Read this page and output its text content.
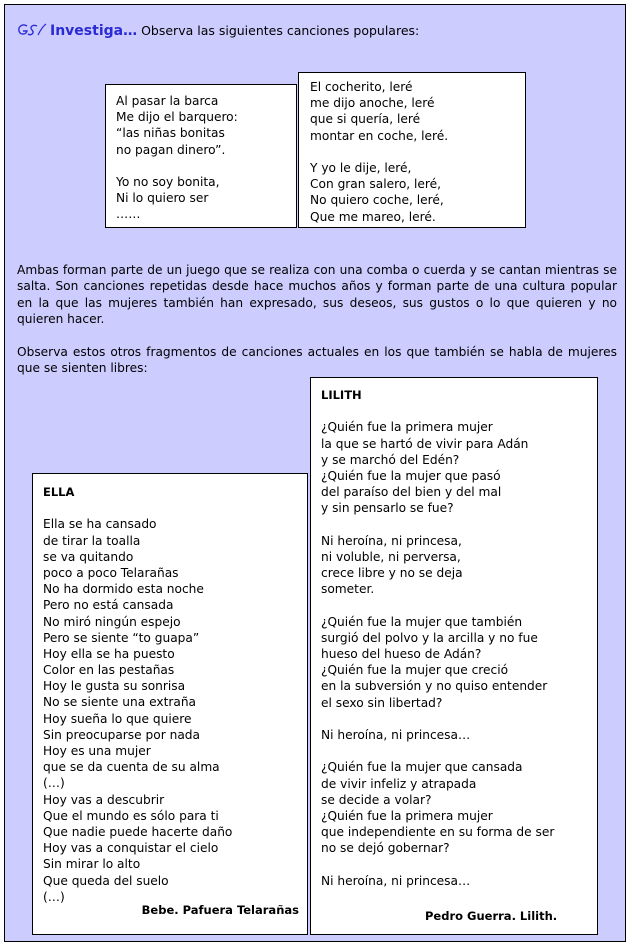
Investiga… Observa las siguientes canciones populares:
Al pasar la barca
Me dijo el barquero:
“las niñas bonitas
no pagan dinero”.
Yo no soy bonita,
Ni lo quiero ser
……
El cocherito, leré
me dijo anoche, leré
que si quería, leré
montar en coche, leré.
Y yo le dije, leré,
Con gran salero, leré,
No quiero coche, leré,
Que me mareo, leré.
Ambas forman parte de un juego que se realiza con una comba o cuerda y se cantan mientras se salta. Son canciones repetidas desde hace muchos años y forman parte de una cultura popular en la que las mujeres también han expresado, sus deseos, sus gustos o lo que quieren y no quieren hacer.
Observa estos otros fragmentos de canciones actuales en los que también se habla de mujeres que se sienten libres:
ELLA
Ella se ha cansado
de tirar la toalla
se va quitando
poco a poco Telarañas
No ha dormido esta noche
Pero no está cansada
No miró ningún espejo
Pero se siente “to guapa”
Hoy ella se ha puesto
Color en las pestañas
Hoy le gusta su sonrisa
No se siente una extraña
Hoy sueña lo que quiere
Sin preocuparse por nada
Hoy es una mujer
que se da cuenta de su alma
(…)
Hoy vas a descubrir
Que el mundo es sólo para ti
Que nadie puede hacerte daño
Hoy vas a conquistar el cielo
Sin mirar lo alto
Que queda del suelo
(…)
Bebe. Pafuera Telarañas
LILITH
¿Quién fue la primera mujer
la que se hartó de vivir para Adán
y se marchó del Edén?
¿Quién fue la mujer que pasó
del paraíso del bien y del mal
y sin pensarlo se fue?
Ni heroína, ni princesa,
ni voluble, ni perversa,
crece libre y no se deja
someter.
¿Quién fue la mujer que también
surgió del polvo y la arcilla y no fue
hueso del hueso de Adán?
¿Quién fue la mujer que creció
en la subversión y no quiso entender
el sexo sin libertad?
Ni heroína, ni princesa…
¿Quién fue la mujer que cansada
de vivir infeliz y atrapada
se decide a volar?
¿Quién fue la primera mujer
que independiente en su forma de ser
no se dejó gobernar?
Ni heroína, ni princesa…
Pedro Guerra. Lilith.
